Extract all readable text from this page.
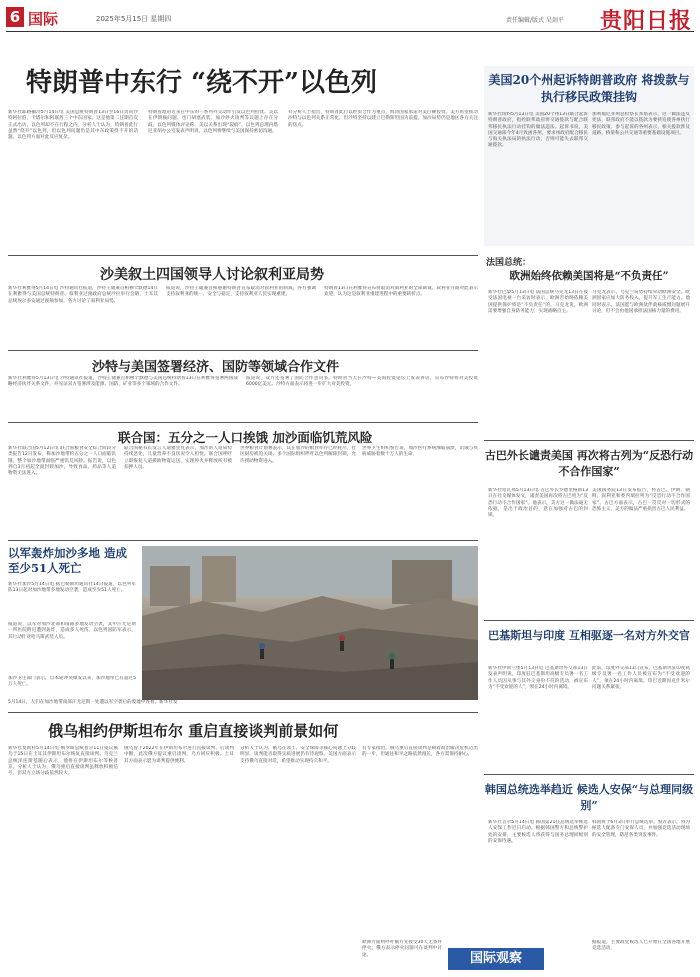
6 国际	2025年5月15日 星期四	责任编辑/版式 吴剑平 贵阳日报
特朗普中东行 “绕不开”以色列
新华社耶路撒冷5月14日电 美国总统特朗普13日至16日访问沙特阿拉伯、卡塔尔和阿联酋三个中东国家。这是他第二任期首次正式出访，以色列却不在行程之内。分析人士认为，特朗普此行虽然“绕开”以色列，但以色列问题仍是其中东政策绕不开的话题。以色列方面对此反应复杂。
特朗普政府近来在中东的一系列外交动作引发以色列担忧。美以在伊朗核问题、也门胡塞武装、加沙停火谈判等议题上存在分歧。以色列媒体评论称，美以关系出现“裂痕”。以色列总理内塔尼亚胡办公室发表声明说，以色列将继续与美国保持密切沟通。
有分析人士指出，特朗普此行以经贸合作为重点，海湾国家承诺对美巨额投资。美方希望推动沙特与以色列关系正常化，但沙特坚持以建立巴勒斯坦国为前提。加沙局势仍是地区各方关注的焦点。
美国20个州起诉特朗普政府 将拨款与执行移民政策挂钩
新华社纽约5月13日电 美国20个州13日联合起诉特朗普政府，指控联邦政府将交通拨款与配合联邦移民执法行动挂钩的做法违法。起诉书说，美国交通部今年4月致函各州，要求州政府配合移民与海关执法局的执法行动，否则可能失去联邦交通拨款。
加利福尼亚州总检察长邦塔表示，这一做法违反宪法，联邦政府不能以拨款为要挟迫使各州执行移民政策。参与起诉的各州表示，相关拨款涉及道路、桥梁和公共交通等重要基础设施项目。
法国总统：
欧洲始终依赖美国将是“不负责任”
新华社巴黎5月13日电 法国总统马克龙13日在接受法国电视一台采访时表示，欧洲若始终依赖美国提供保护将是“不负责任”的。马克龙说，欧洲需要增强自身防务能力，实现战略自主。
马克龙表示，乌克兰局势持续牵动欧洲安全。欧洲国家应加大防务投入，提升军工生产能力。他同时表示，法国愿与欧洲伙伴就核威慑问题展开讨论，但不会由他国承担法国核力量的费用。
沙美叙土四国领导人讨论叙利亚局势
新华社利雅得5月14日电 沙特通讯社报道，沙特王储兼首相穆罕默德14日在利雅得与美国总统特朗普、叙利亚过渡政府总统沙拉举行会晤，土耳其总统埃尔多安通过视频参加。各方讨论了叙利亚局势。
报道说，沙特王储兼首相感谢特朗普宣布取消对叙利亚的制裁。各方强调支持叙利亚的统一、安全与稳定，支持叙利亚人民实现重建。
特朗普13日在利雅得宣布将取消对叙利亚的全部制裁。叙利亚方面对此表示欢迎，认为这是叙利亚重建进程中的重要转折点。
沙特与美国签署经济、国防等领域合作文件
新华社利雅得5月13日电 沙特通讯社报道，沙特王储兼首相穆罕默德与美国总统特朗普13日在利雅得签署两国战略经济伙伴关系文件，并见证双方签署涉及能源、国防、矿业等多个领域的合作文件。
报道说，双方还签署了国防合作意向书。特朗普当天在沙特—美国投资论坛上发表讲话，宣布沙特将对美投资6000亿美元。沙特方面表示将进一步扩大对美投资。
联合国：五分之一人口挨饿 加沙面临饥荒风险
新华社联合国5月12日电 联合国粮食安全综合阶段分类报告12日发布，称加沙地带约五分之一人口面临饥饿，整个加沙地带面临严重饥荒风险。报告说，以色列自3月初起全面封锁加沙，导致食品、药品等人道物资无法进入。
联合国秘书长发言人迪雅里克表示，加沙的人道局势持续恶化，儿童营养不良状况令人担忧。联合国呼吁立即恢复人道援助物资运送，实现停火并释放所有被扣押人员。
世界粮食计划署表示，其在加沙的粮食库存已经耗尽，社区厨房被迫关闭。多个国际组织呼吁以色列解除封锁，允许援助物资进入。
世界卫生组织警告说，加沙医疗系统濒临崩溃，饥饿与疾病威胁着数十万人的生命。	古巴外长谴责美国 再次将古列为“反恐行动不合作国家”
新华社哈瓦那5月13日电 古巴外长罗德里格斯13日在社交媒体发文，谴责美国再次将古巴列为“反恐行动不合作国家”。他表示，美方这一做法毫无依据，是出于政治目的，意在加强对古巴的封锁。
美国国务院13日发布报告，将古巴、伊朗、朝鲜、叙利亚和委内瑞拉列为“反恐行动不合作国家”。古巴方面表示，古巴一贯反对一切形式的恐怖主义，美方的做法严重损害古巴人民利益。
以军轰炸加沙多地 造成至少51人死亡
新华社加沙5月14日电 据巴勒斯坦通讯社14日报道，以色列军队13日起对加沙地带多地发动空袭，造成至少51人死亡。
报道说，以军对加沙北部和南部多地发动空袭，其中汗尤尼斯一所医院附近遭到轰炸，造成多人死伤。以色列国防军表示，其行动针对哈马斯武装人员。
加沙卫生部门表示，自本轮冲突爆发以来，加沙地带已有超过5万人死亡。
5月14日，人们在加沙地带南部汗尤尼斯一处遭以军空袭后的废墟中查看。新华社发
巴基斯坦与印度 互相驱逐一名对方外交官
新华社伊斯兰堡5月13日电 巴基斯坦外交部13日发表声明说，印度驻巴基斯坦高级专员署一名工作人员因从事与其外交身份不符的活动，被宣布为“不受欢迎的人”，须在24小时内离境。
此前，印度外交部13日宣布，巴基斯坦驻印度高级专员署一名工作人员被宣布为“不受欢迎的人”，须在24小时内离境。印巴近期因克什米尔问题关系紧张。
俄乌相约伊斯坦布尔 重启直接谈判前景如何
新华社莫斯科5月14日电 俄罗斯总统普京11日提议俄乌于15日在土耳其伊斯坦布尔恢复直接谈判。乌克兰总统泽连斯基随后表示，他将在伊斯坦布尔等候普京。分析人士认为，俄乌重启直接谈判虽释放积极信号，但双方立场分歧依然较大。
俄乌曾于2022年在伊斯坦布尔进行直接谈判，后谈判中断。此次俄方提议重启谈判，乌方回应积极。土耳其方面表示愿为谈判提供便利。
分析人士认为，俄乌在领土、安全保障等核心问题上分歧明显，谈判能否取得实质进展仍有待观察。美国方面表示支持俄乌直接对话，希望推动实现持久和平。
有专家指出，俄乌重启直接谈判是朝着政治解决危机迈出的一步，但通往和平之路依然漫长，各方需保持耐心。
欧洲方面则呼吁俄方先接受30天无条件停火。俄方表示停火问题可在谈判中讨论。
韩国总统选举趋近 候选人安保“与总理同级别”
新华社首尔5月14日电 韩国第21任总统选举候选人安保工作近日启动。根据韩国警方和总统警护处的安排，主要候选人将获得与国务总理同级别的安保待遇。
韩国将于6月3日举行总统选举。警方表示，将为候选人配备专门安保人员，并加强竞选活动现场的安全管理，防范各类突发事件。
据报道，主要政党候选人已开始在全国各地开展竞选活动。
国际观察
